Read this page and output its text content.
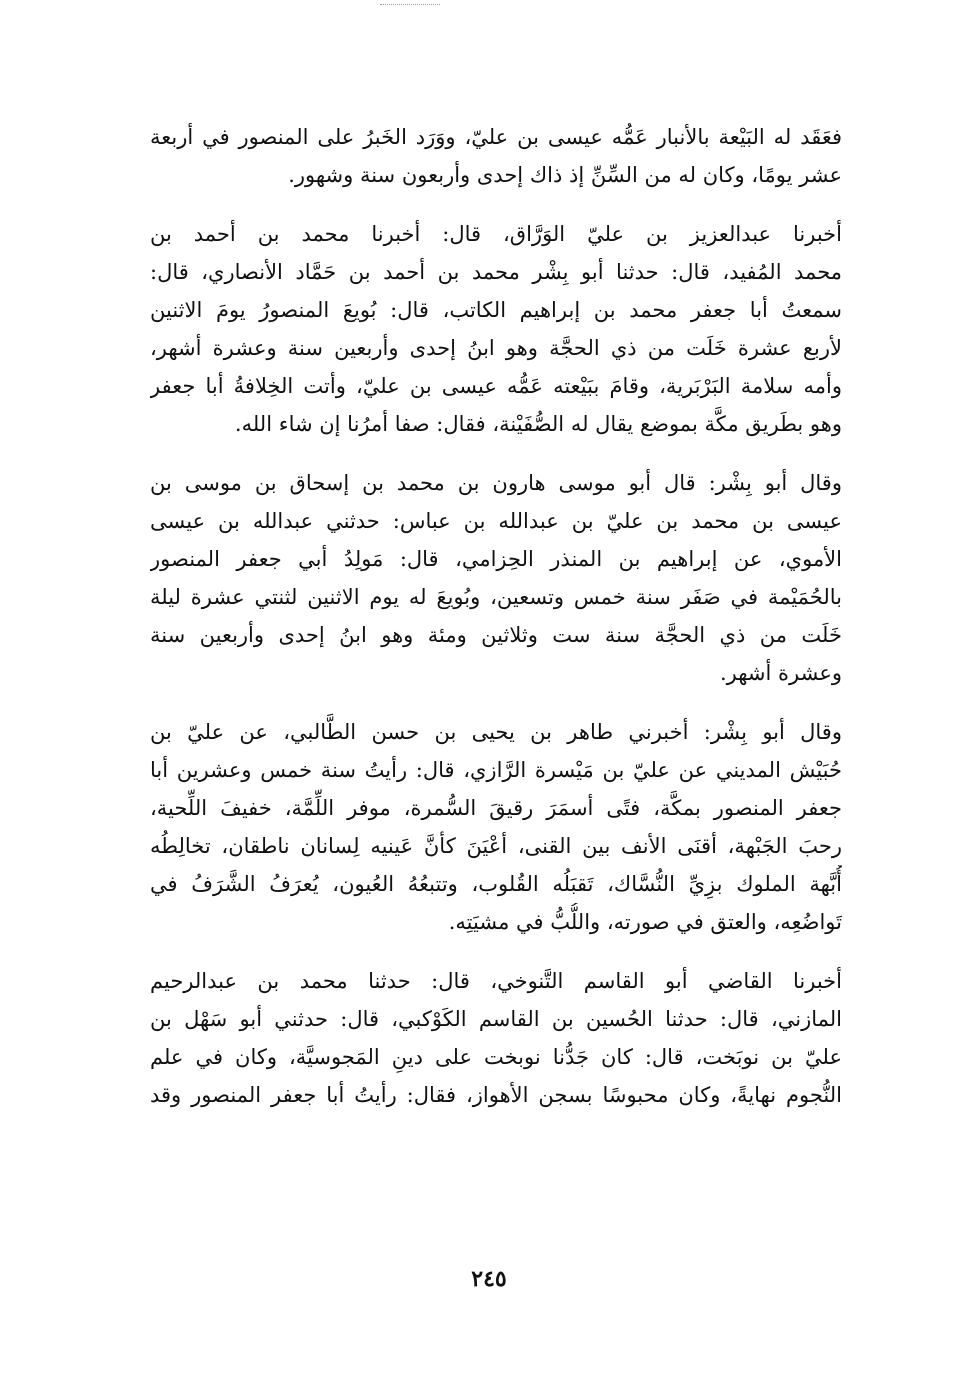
فعَقَد له البَيْعة بالأنبار عَمُّه عيسى بن عليّ، ووَرَد الخَبرُ على المنصور في أربعة
عشر يومًا، وكان له من السِّنِّ إذ ذاك إحدى وأربعون سنة وشهور.
أخبرنا عبدالعزيز بن عليّ الوَرَّاق، قال: أخبرنا محمد بن أحمد بن
محمد المُفيد، قال: حدثنا أبو بِشْر محمد بن أحمد بن حَمَّاد الأنصاري، قال:
سمعتُ أبا جعفر محمد بن إبراهيم الكاتب، قال: بُويعَ المنصورُ يومَ الاثنين
لأربع عشرة خَلَت من ذي الحجَّة وهو ابنُ إحدى وأربعين سنة وعشرة أشهر،
وأمه سلامة البَرْبَرية، وقامَ ببَيْعته عَمُّه عيسى بن عليّ، وأتت الخِلافةُ أبا جعفر
وهو بطَريق مكَّة بموضع يقال له الصُّفَيْنة، فقال: صفا أمرُنا إن شاء الله.
وقال أبو بِشْر: قال أبو موسى هارون بن محمد بن إسحاق بن موسى بن
عيسى بن محمد بن عليّ بن عبدالله بن عباس: حدثني عبدالله بن عيسى
الأموي، عن إبراهيم بن المنذر الحِزامي، قال: مَولِدُ أبي جعفر المنصور
بالحُمَيْمة في صَفَر سنة خمس وتسعين، وبُويعَ له يوم الاثنين لثنتي عشرة ليلة
خَلَت من ذي الحجَّة سنة ست وثلاثين ومئة وهو ابنُ إحدى وأربعين سنة
وعشرة أشهر.
وقال أبو بِشْر: أخبرني طاهر بن يحيى بن حسن الطَّالبي، عن عليّ بن
حُبَيْش المديني عن عليّ بن مَيْسرة الرَّازي، قال: رأيتُ سنة خمس وعشرين أبا
جعفر المنصور بمكَّة، فتًى أسمَرَ رقيقَ السُّمرة، موفر اللِّمَّة، خفيفَ اللِّحية،
رحبَ الجَبْهة، أقنَى الأنف بين القنى، أعْيَنَ كأنَّ عَينيه لِسانان ناطقان، تخالِطُه
أُبَّهة الملوك بزِيِّ النُّسَّاك، تَقبَلُه القُلوب، وتتبعُهُ العُيون، يُعرَفُ الشَّرَفُ في
تَواضُعِه، والعتق في صورته، واللُّبُّ في مشيَتِه.
أخبرنا القاضي أبو القاسم التَّنوخي، قال: حدثنا محمد بن عبدالرحيم
المازني، قال: حدثنا الحُسين بن القاسم الكَوْكبي، قال: حدثني أبو سَهْل بن
عليّ بن نوبَخت، قال: كان جَدُّنا نوبخت على دينِ المَجوسيَّة، وكان في علم
النُّجوم نهايةً، وكان محبوسًا بسجن الأهواز، فقال: رأيتُ أبا جعفر المنصور وقد
٢٤٥
